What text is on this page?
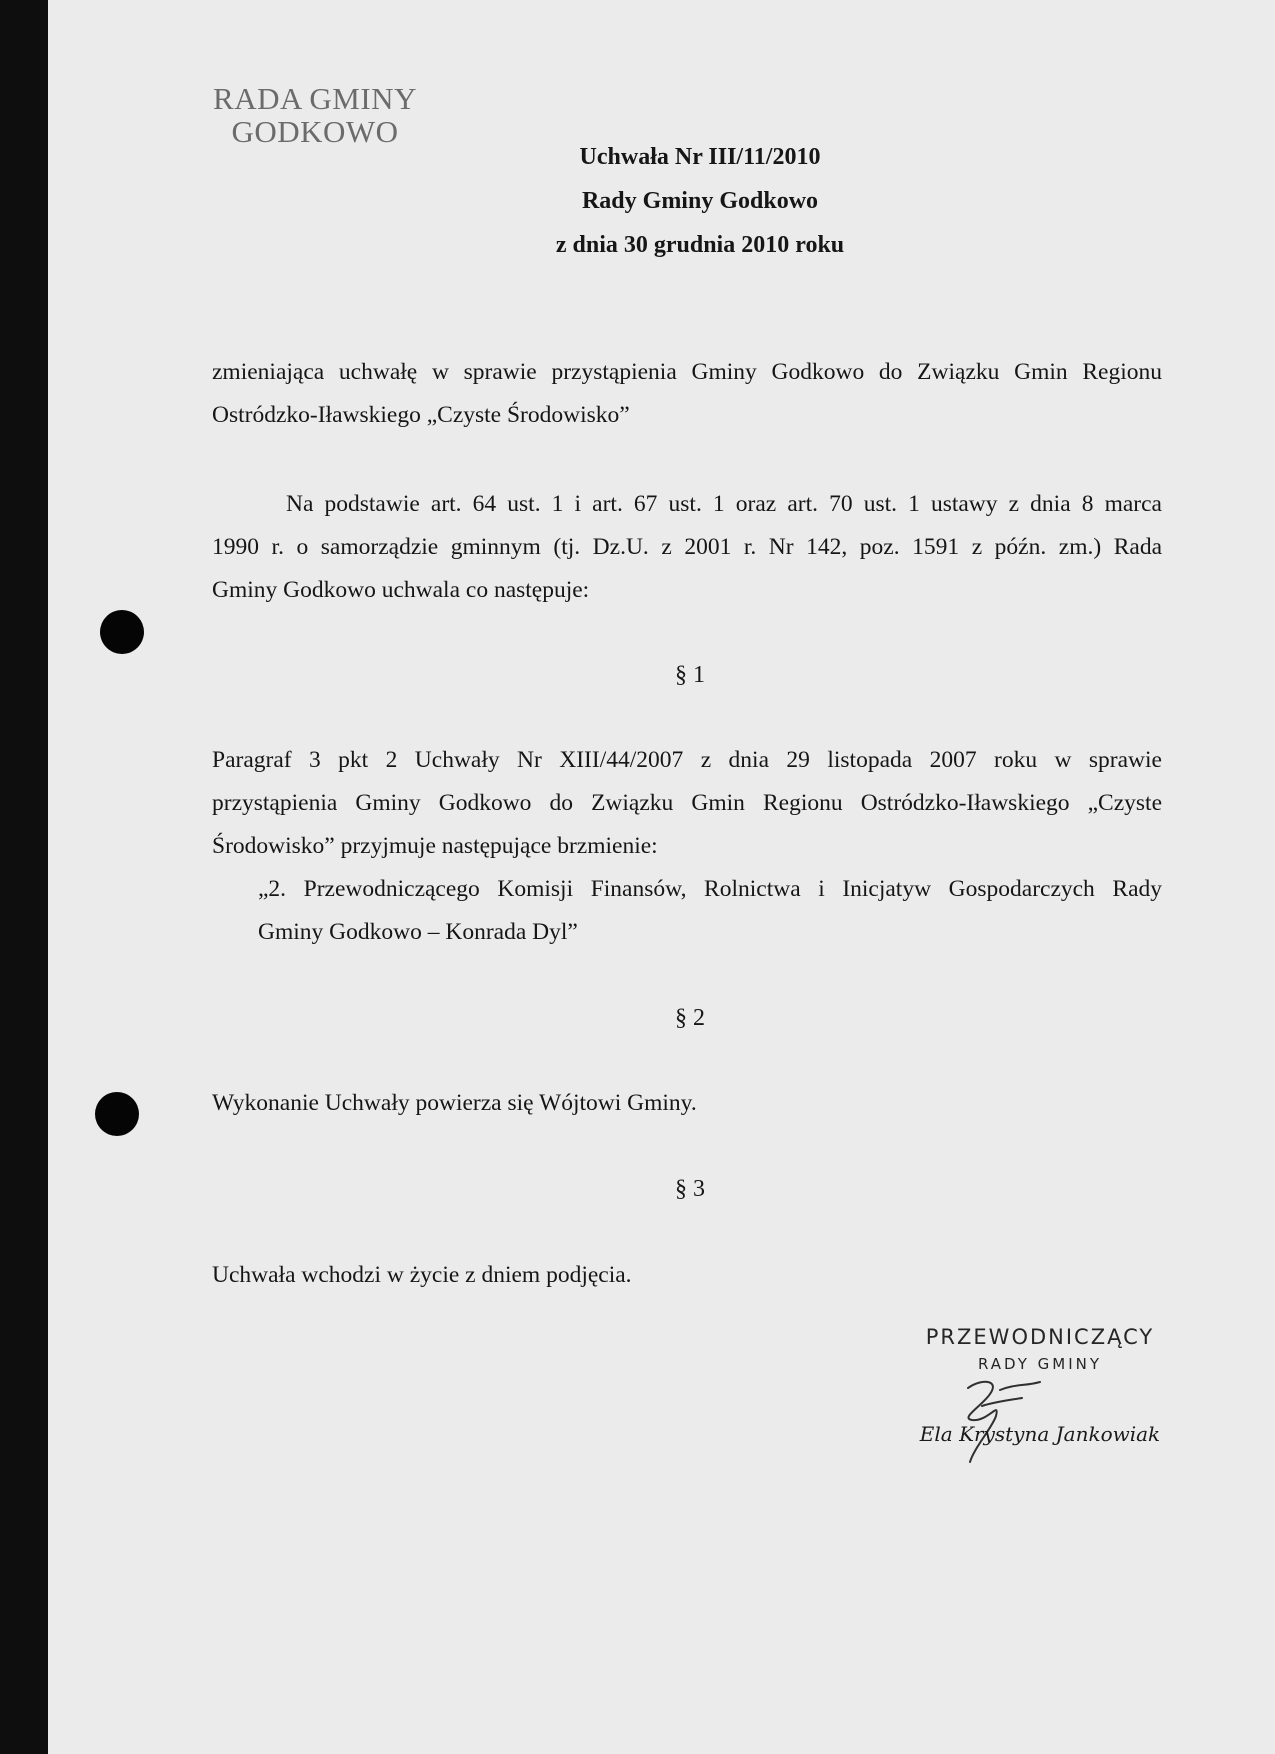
RADA GMINY
GODKOWO
Uchwała Nr III/11/2010
Rady Gminy Godkowo
z dnia 30 grudnia 2010 roku
zmieniająca uchwałę w sprawie przystąpienia Gminy Godkowo do Związku Gmin Regionu
Ostródzko-Iławskiego „Czyste Środowisko”
Na podstawie art. 64 ust. 1 i art. 67 ust. 1 oraz art. 70 ust. 1 ustawy z dnia 8 marca
1990 r. o samorządzie gminnym (tj. Dz.U. z 2001 r. Nr 142, poz. 1591 z późn. zm.) Rada
Gminy Godkowo uchwala co następuje:
§ 1
Paragraf 3 pkt 2 Uchwały Nr XIII/44/2007 z dnia 29 listopada 2007 roku w sprawie
przystąpienia Gminy Godkowo do Związku Gmin Regionu Ostródzko-Iławskiego „Czyste
Środowisko” przyjmuje następujące brzmienie:
„2. Przewodniczącego Komisji Finansów, Rolnictwa i Inicjatyw Gospodarczych Rady
Gminy Godkowo – Konrada Dyl”
§ 2
Wykonanie Uchwały powierza się Wójtowi Gminy.
§ 3
Uchwała wchodzi w życie z dniem podjęcia.
PRZEWODNICZĄCY
RADY GMINY
Ela Krystyna Jankowiak
